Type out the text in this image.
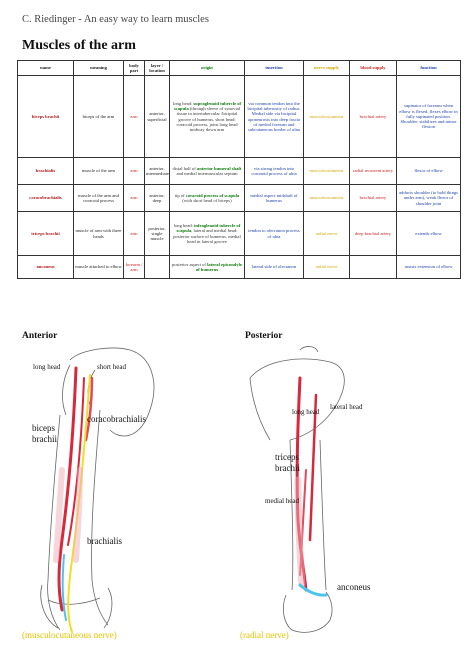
C. Riedinger - An easy way to learn muscles
Muscles of the arm
name	meaning	body part	layer / location	origin	insertion	nerve supply	blood supply	function
biceps brachii	biceps of the arm	arm	anterior, superficial	long head: supraglenoid tubercle of scapula (through sleeve of synovial tissue in intertubercular /bicipital groove of humerus, short head: coracoid process, joins long head midway down arm	via common tendon into the bicipital tuberosity of radius. Medial side via bicipital aponeurosis into deep fascia of medial forearm and subcutaneous border of ulna	musculocutaneous	brachial artery	supinator of forearm when elbow is flexed, flexes elbow in fully supinated position. Shoulder: stabilizes and minor flexion
brachialis	muscle of the arm	arm	anterior, intermediate	distal half of anterior humeral shaft and medial intermuscular septum	via strong tendon into coronoid process of ulna	musculocutaneous	radial recurrent artery	flexor of elbow
coracobrachialis	muscle of the arm and coracoid process	arm	anterior, deep	tip of coracoid process of scapula (with short head of biceps)	medial aspect midshaft of humerus	musculocutaneous	brachial artery	adducts shoulder (to hold things under arm), weak flexor of shoulder joint
triceps brachii	muscle of arm with three heads	arm	posterior, single muscle	long head: infraglenoid tubercle of scapula, lateral and medial head: posterior surface of humerus, medial head in lateral groove	tendon to olecranon process of ulna	radial nerve	deep brachial artery	extends elbow
anconeus	muscle attached to elbow	forearm / arm		posterior aspect of lateral epicondyle of humerus	lateral side of olecranon	radial nerve		assists extension of elbow
Anterior	Posterior
long head	short head
biceps
brachii
coracobrachialis
brachialis
(musculocutaneous nerve)
long head
lateral head
triceps
brachii
medial head
anconeus
(radial nerve)
